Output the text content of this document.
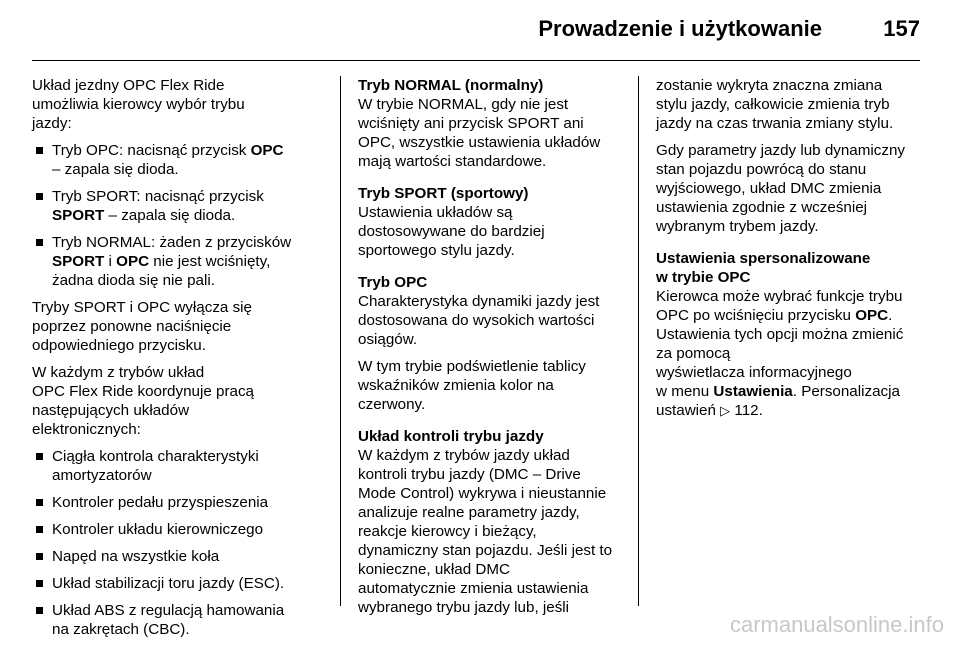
Prowadzenie i użytkowanie	157

Układ jezdny OPC Flex Ride
umożliwia kierowcy wybór trybu
jazdy:

Tryb OPC: nacisnąć przycisk OPC
– zapala się dioda.
Tryb SPORT: nacisnąć przycisk
SPORT – zapala się dioda.
Tryb NORMAL: żaden z przycisków
SPORT i OPC nie jest wciśnięty,
żadna dioda się nie pali.

Tryby SPORT i OPC wyłącza się
poprzez ponowne naciśnięcie
odpowiedniego przycisku.

W każdym z trybów układ
OPC Flex Ride koordynuje pracą
następujących układów
elektronicznych:

Ciągła kontrola charakterystyki
amortyzatorów
Kontroler pedału przyspieszenia
Kontroler układu kierowniczego
Napęd na wszystkie koła
Układ stabilizacji toru jazdy (ESC).
Układ ABS z regulacją hamowania
na zakrętach (CBC).
Tryb NORMAL (normalny)
W trybie NORMAL, gdy nie jest
wciśnięty ani przycisk SPORT ani
OPC, wszystkie ustawienia układów
mają wartości standardowe.
Tryb SPORT (sportowy)
Ustawienia układów są
dostosowywane do bardziej
sportowego stylu jazdy.
Tryb OPC

Charakterystyka dynamiki jazdy jest
dostosowana do wysokich wartości
osiągów.

W tym trybie podświetlenie tablicy
wskaźników zmienia kolor na
czerwony.
Układ kontroli trybu jazdy
W każdym z trybów jazdy układ
kontroli trybu jazdy (DMC – Drive
Mode Control) wykrywa i nieustannie
analizuje realne parametry jazdy,
reakcje kierowcy i bieżący,
dynamiczny stan pojazdu. Jeśli jest to
konieczne, układ DMC
automatycznie zmienia ustawienia
wybranego trybu jazdy lub, jeśli

zostanie wykryta znaczna zmiana
stylu jazdy, całkowicie zmienia tryb
jazdy na czas trwania zmiany stylu.

Gdy parametry jazdy lub dynamiczny
stan pojazdu powrócą do stanu
wyjściowego, układ DMC zmienia
ustawienia zgodnie z wcześniej
wybranym trybem jazdy.
Ustawienia spersonalizowane
w trybie OPC
Kierowca może wybrać funkcje trybu
OPC po wciśnięciu przycisku OPC.
Ustawienia tych opcji można zmienić
za pomocą
wyświetlacza informacyjnego
w menu Ustawienia. Personalizacja
ustawień ▷ 112.
carmanualsonline.info
